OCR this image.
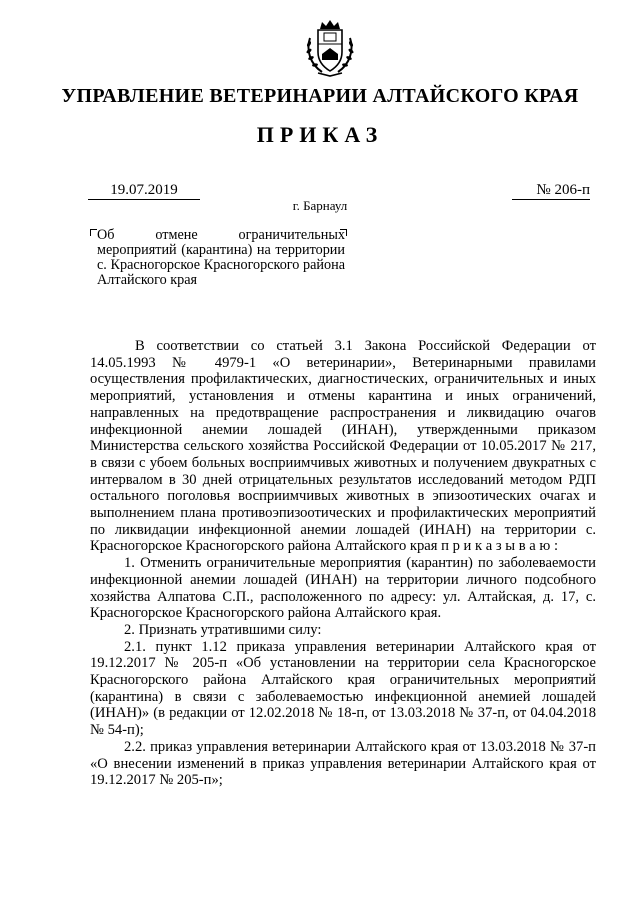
УПРАВЛЕНИЕ ВЕТЕРИНАРИИ АЛТАЙСКОГО КРАЯ
ПРИКАЗ
19.07.2019	№ 206-п
г. Барнаул
Об отмене ограничительных мероприятий (карантина) на территории с. Красногорское Красногорского района Алтайского края

В соответствии со статьей 3.1 Закона Российской Федерации от 14.05.1993 № 4979-1 «О ветеринарии», Ветеринарными правилами осуществления профилактических, диагностических, ограничительных и иных мероприятий, установления и отмены карантина и иных ограничений, направленных на предотвращение распространения и ликвидацию очагов инфекционной анемии лошадей (ИНАН), утвержденными приказом Министерства сельского хозяйства Российской Федерации от 10.05.2017 № 217, в связи с убоем больных восприимчивых животных и получением двукратных с интервалом в 30 дней отрицательных результатов исследований методом РДП остального поголовья восприимчивых животных в эпизоотических очагах и выполнением плана противоэпизоотических и профилактических мероприятий по ликвидации инфекционной анемии лошадей (ИНАН) на территории с. Красногорское Красногорского района Алтайского края п р и к а з ы в а ю :

1. Отменить ограничительные мероприятия (карантин) по заболеваемости инфекционной анемии лошадей (ИНАН) на территории личного подсобного хозяйства Алпатова С.П., расположенного по адресу: ул. Алтайская, д. 17, с. Красногорское Красногорского района Алтайского края.

2. Признать утратившими силу:

2.1. пункт 1.12 приказа управления ветеринарии Алтайского края от 19.12.2017 № 205-п «Об установлении на территории села Красногорское Красногорского района Алтайского края ограничительных мероприятий (карантина) в связи с заболеваемостью инфекционной анемией лошадей (ИНАН)» (в редакции от 12.02.2018 № 18-п, от 13.03.2018 № 37-п, от 04.04.2018 № 54-п);

2.2. приказ управления ветеринарии Алтайского края от 13.03.2018 № 37-п «О внесении изменений в приказ управления ветеринарии Алтайского края от 19.12.2017 № 205-п»;
